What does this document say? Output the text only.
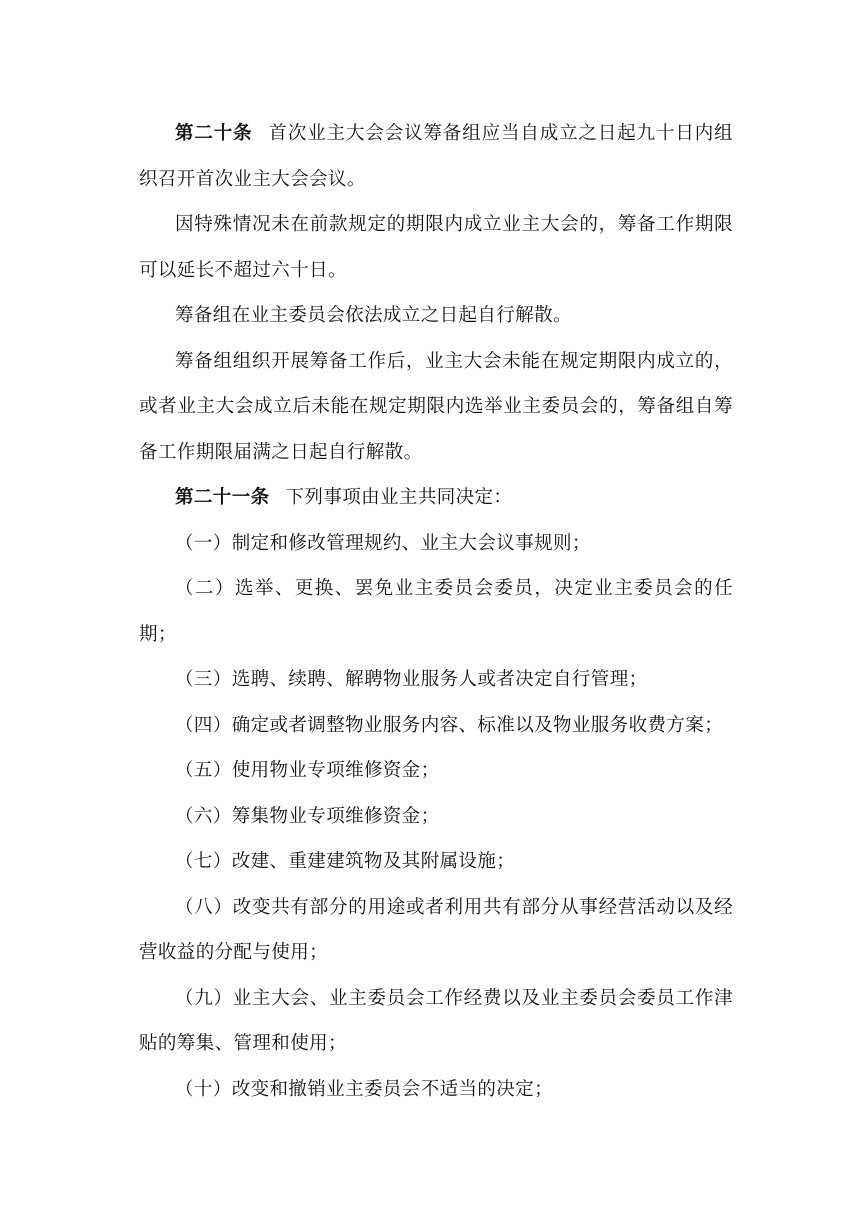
第二十条 首次业主大会会议筹备组应当自成立之日起九十日内组织召开首次业主大会会议。

因特殊情况未在前款规定的期限内成立业主大会的，筹备工作期限可以延长不超过六十日。

筹备组在业主委员会依法成立之日起自行解散。

筹备组组织开展筹备工作后，业主大会未能在规定期限内成立的，或者业主大会成立后未能在规定期限内选举业主委员会的，筹备组自筹备工作期限届满之日起自行解散。

第二十一条 下列事项由业主共同决定：

（一）制定和修改管理规约、业主大会议事规则；

（二）选举、更换、罢免业主委员会委员，决定业主委员会的任期；

（三）选聘、续聘、解聘物业服务人或者决定自行管理；

（四）确定或者调整物业服务内容、标准以及物业服务收费方案；

（五）使用物业专项维修资金；

（六）筹集物业专项维修资金；

（七）改建、重建建筑物及其附属设施；

（八）改变共有部分的用途或者利用共有部分从事经营活动以及经营收益的分配与使用；

（九）业主大会、业主委员会工作经费以及业主委员会委员工作津贴的筹集、管理和使用；

（十）改变和撤销业主委员会不适当的决定；
